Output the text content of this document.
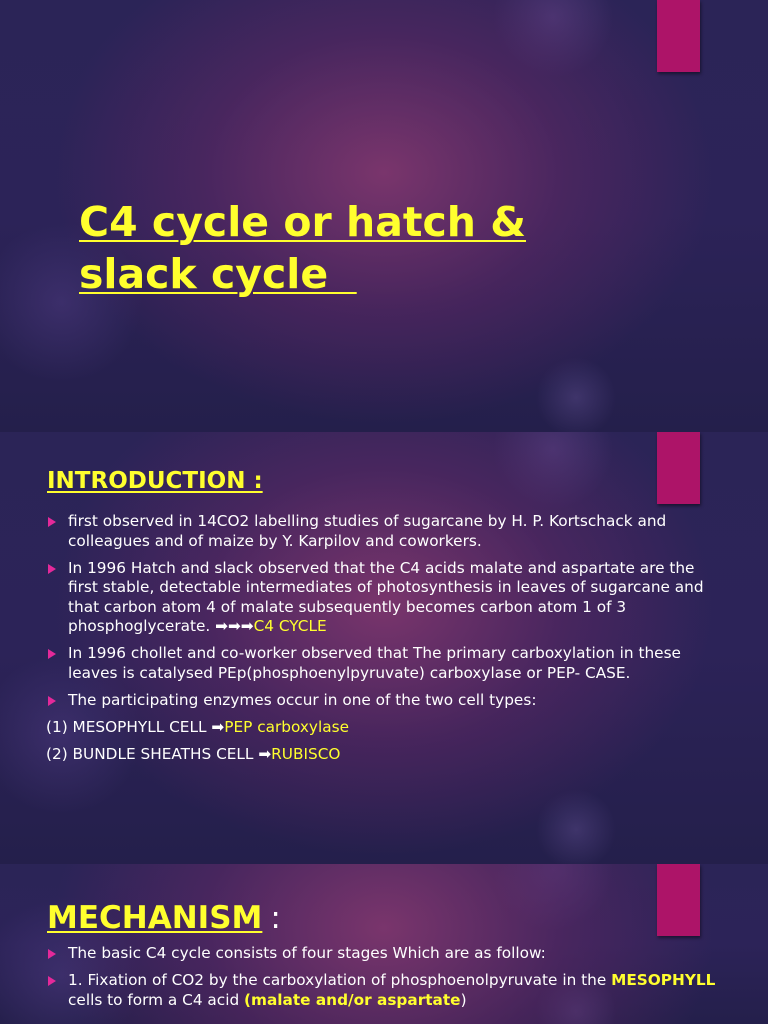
C4 cycle or hatch &
slack cycle
INTRODUCTION :
first observed in 14CO2 labelling studies of sugarcane by H. P. Kortschack and colleagues and of maize by Y. Karpilov and coworkers.
In 1996 Hatch and slack observed that the C4 acids malate and aspartate are the first stable, detectable intermediates of photosynthesis in leaves of sugarcane and that carbon atom 4 of malate subsequently becomes carbon atom 1 of 3 phosphoglycerate. ➡➡➡C4 CYCLE
In 1996 chollet and co-worker observed that The primary carboxylation in these leaves is catalysed PEp(phosphoenylpyruvate) carboxylase or PEP- CASE.
The participating enzymes occur in one of the two cell types:
(1) MESOPHYLL CELL ➡PEP carboxylase
(2) BUNDLE SHEATHS CELL ➡RUBISCO
MECHANISM :
The basic C4 cycle consists of four stages Which are as follow:
1. Fixation of CO2 by the carboxylation of phosphoenolpyruvate in the MESOPHYLL cells to form a C4 acid (malate and/or aspartate)
